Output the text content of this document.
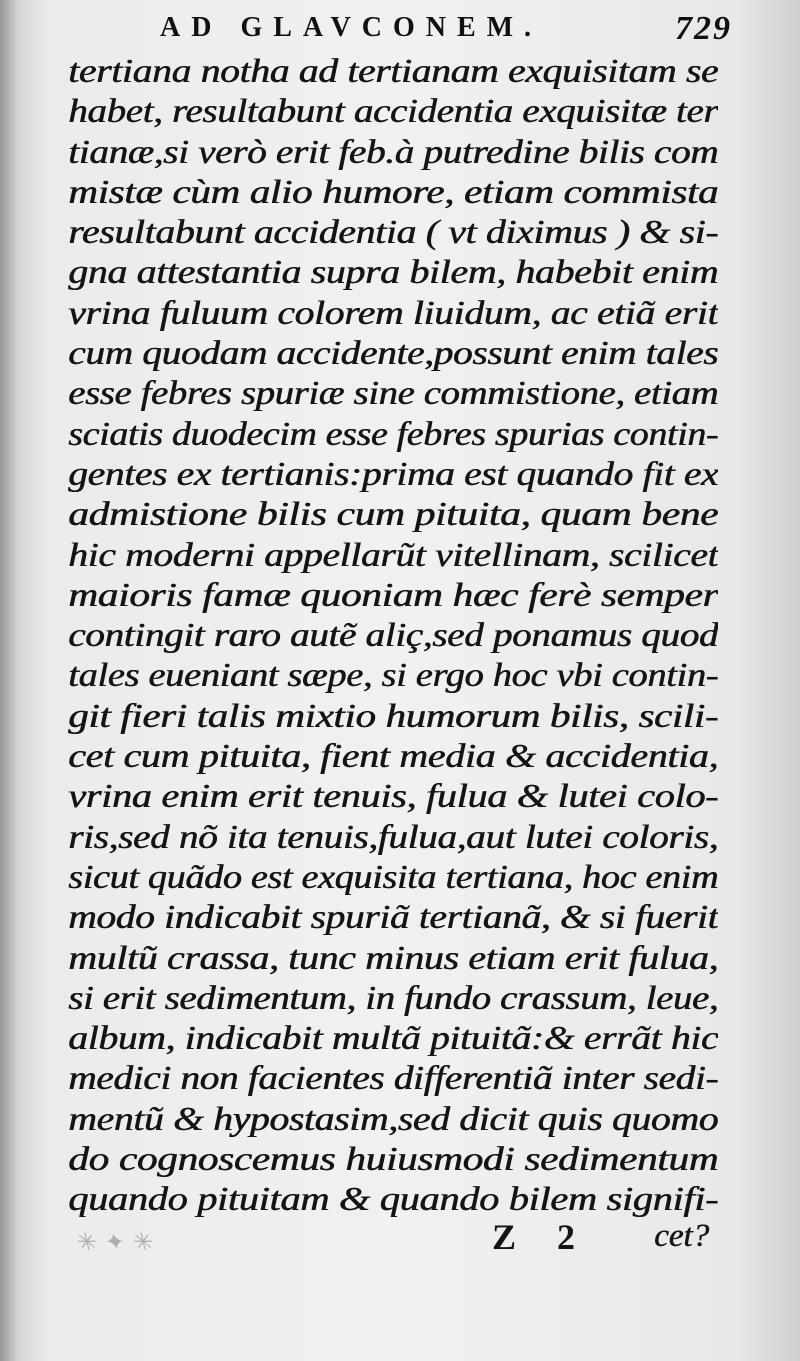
AD GLAVCONEM.	729
tertiana notha ad tertianam exquisitam se
habet, resultabunt accidentia exquisitæ ter
tianæ,si verò erit feb.à putredine bilis com
mistæ cùm alio humore, etiam commista
resultabunt accidentia ( vt diximus ) & si-
gna attestantia supra bilem, habebit enim
vrina fuluum colorem liuidum, ac etiã erit
cum quodam accidente,possunt enim tales
esse febres spuriæ sine commistione, etiam
sciatis duodecim esse febres spurias contin-
gentes ex tertianis:prima est quando fit ex
admistione bilis cum pituita, quam bene
hic moderni appellarũt vitellinam, scilicet
maioris famæ quoniam hæc ferè semper
contingit raro autẽ aliç,sed ponamus quod
tales eueniant sæpe, si ergo hoc vbi contin-
git fieri talis mixtio humorum bilis, scili-
cet cum pituita, fient media & accidentia,
vrina enim erit tenuis, fulua & lutei colo-
ris,sed nõ ita tenuis,fulua,aut lutei coloris,
sicut quãdo est exquisita tertiana, hoc enim
modo indicabit spuriã tertianã, & si fuerit
multũ crassa, tunc minus etiam erit fulua,
si erit sedimentum, in fundo crassum, leue,
album, indicabit multã pituitã:& errãt hic
medici non facientes differentiã inter sedi-
mentũ & hypostasim,sed dicit quis quomo
do cognoscemus huiusmodi sedimentum
quando pituitam & quando bilem signifi-
✳ ✦ ✳	Z 2 cet?
